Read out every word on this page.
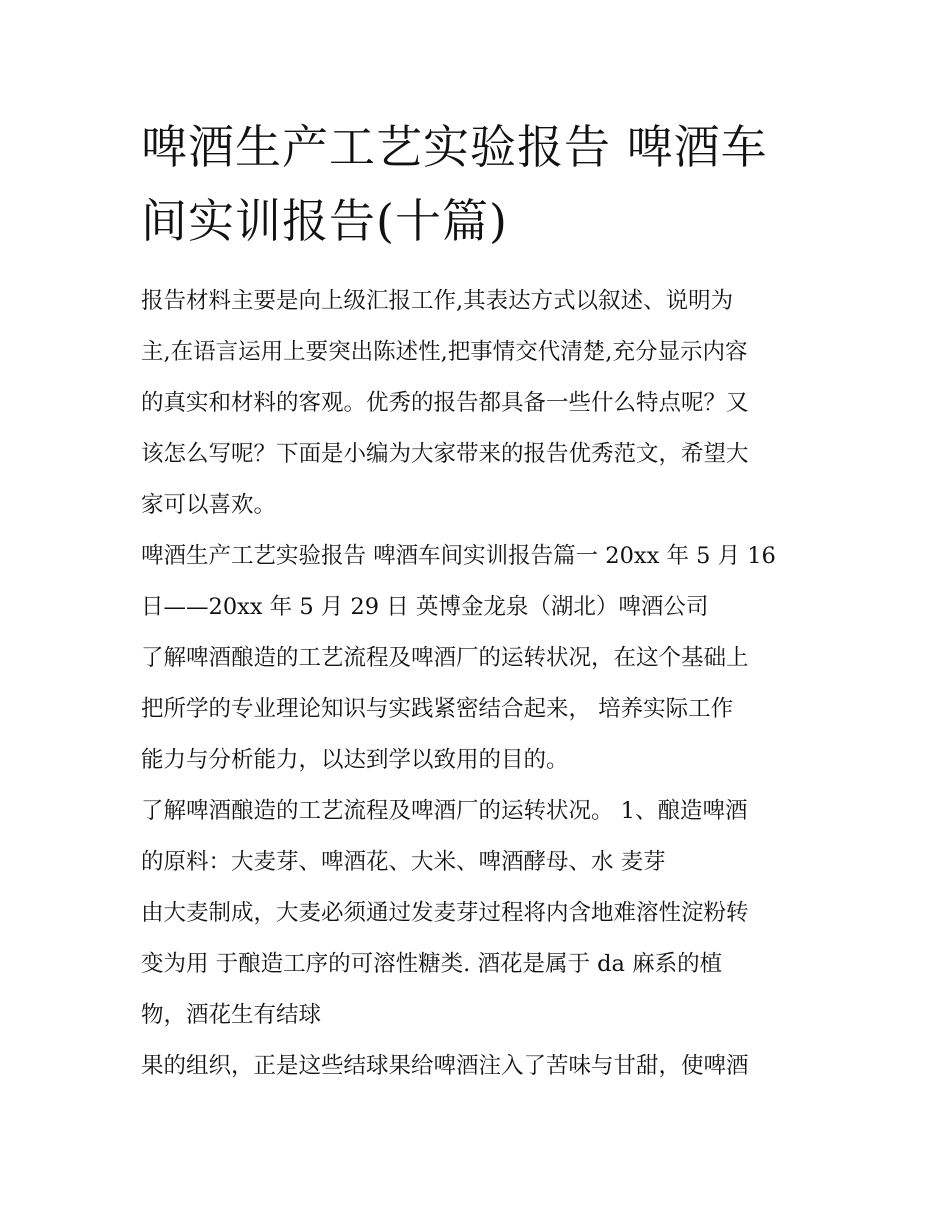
啤酒生产工艺实验报告 啤酒车
间实训报告(十篇)
报告材料主要是向上级汇报工作,其表达方式以叙述、说明为
主,在语言运用上要突出陈述性,把事情交代清楚,充分显示内容
的真实和材料的客观。优秀的报告都具备一些什么特点呢？又
该怎么写呢？下面是小编为大家带来的报告优秀范文，希望大
家可以喜欢。
啤酒生产工艺实验报告 啤酒车间实训报告篇一 20xx 年 5 月 16
日——20xx 年 5 月 29 日 英博金龙泉（湖北）啤酒公司
了解啤酒酿造的工艺流程及啤酒厂的运转状况，在这个基础上
把所学的专业理论知识与实践紧密结合起来， 培养实际工作
能力与分析能力，以达到学以致用的目的。
了解啤酒酿造的工艺流程及啤酒厂的运转状况。 1、酿造啤酒
的原料：大麦芽、啤酒花、大米、啤酒酵母、水 麦芽
由大麦制成，大麦必须通过发麦芽过程将内含地难溶性淀粉转
变为用 于酿造工序的可溶性糖类. 酒花是属于 da 麻系的植
物，酒花生有结球
果的组织，正是这些结球果给啤酒注入了苦味与甘甜，使啤酒
